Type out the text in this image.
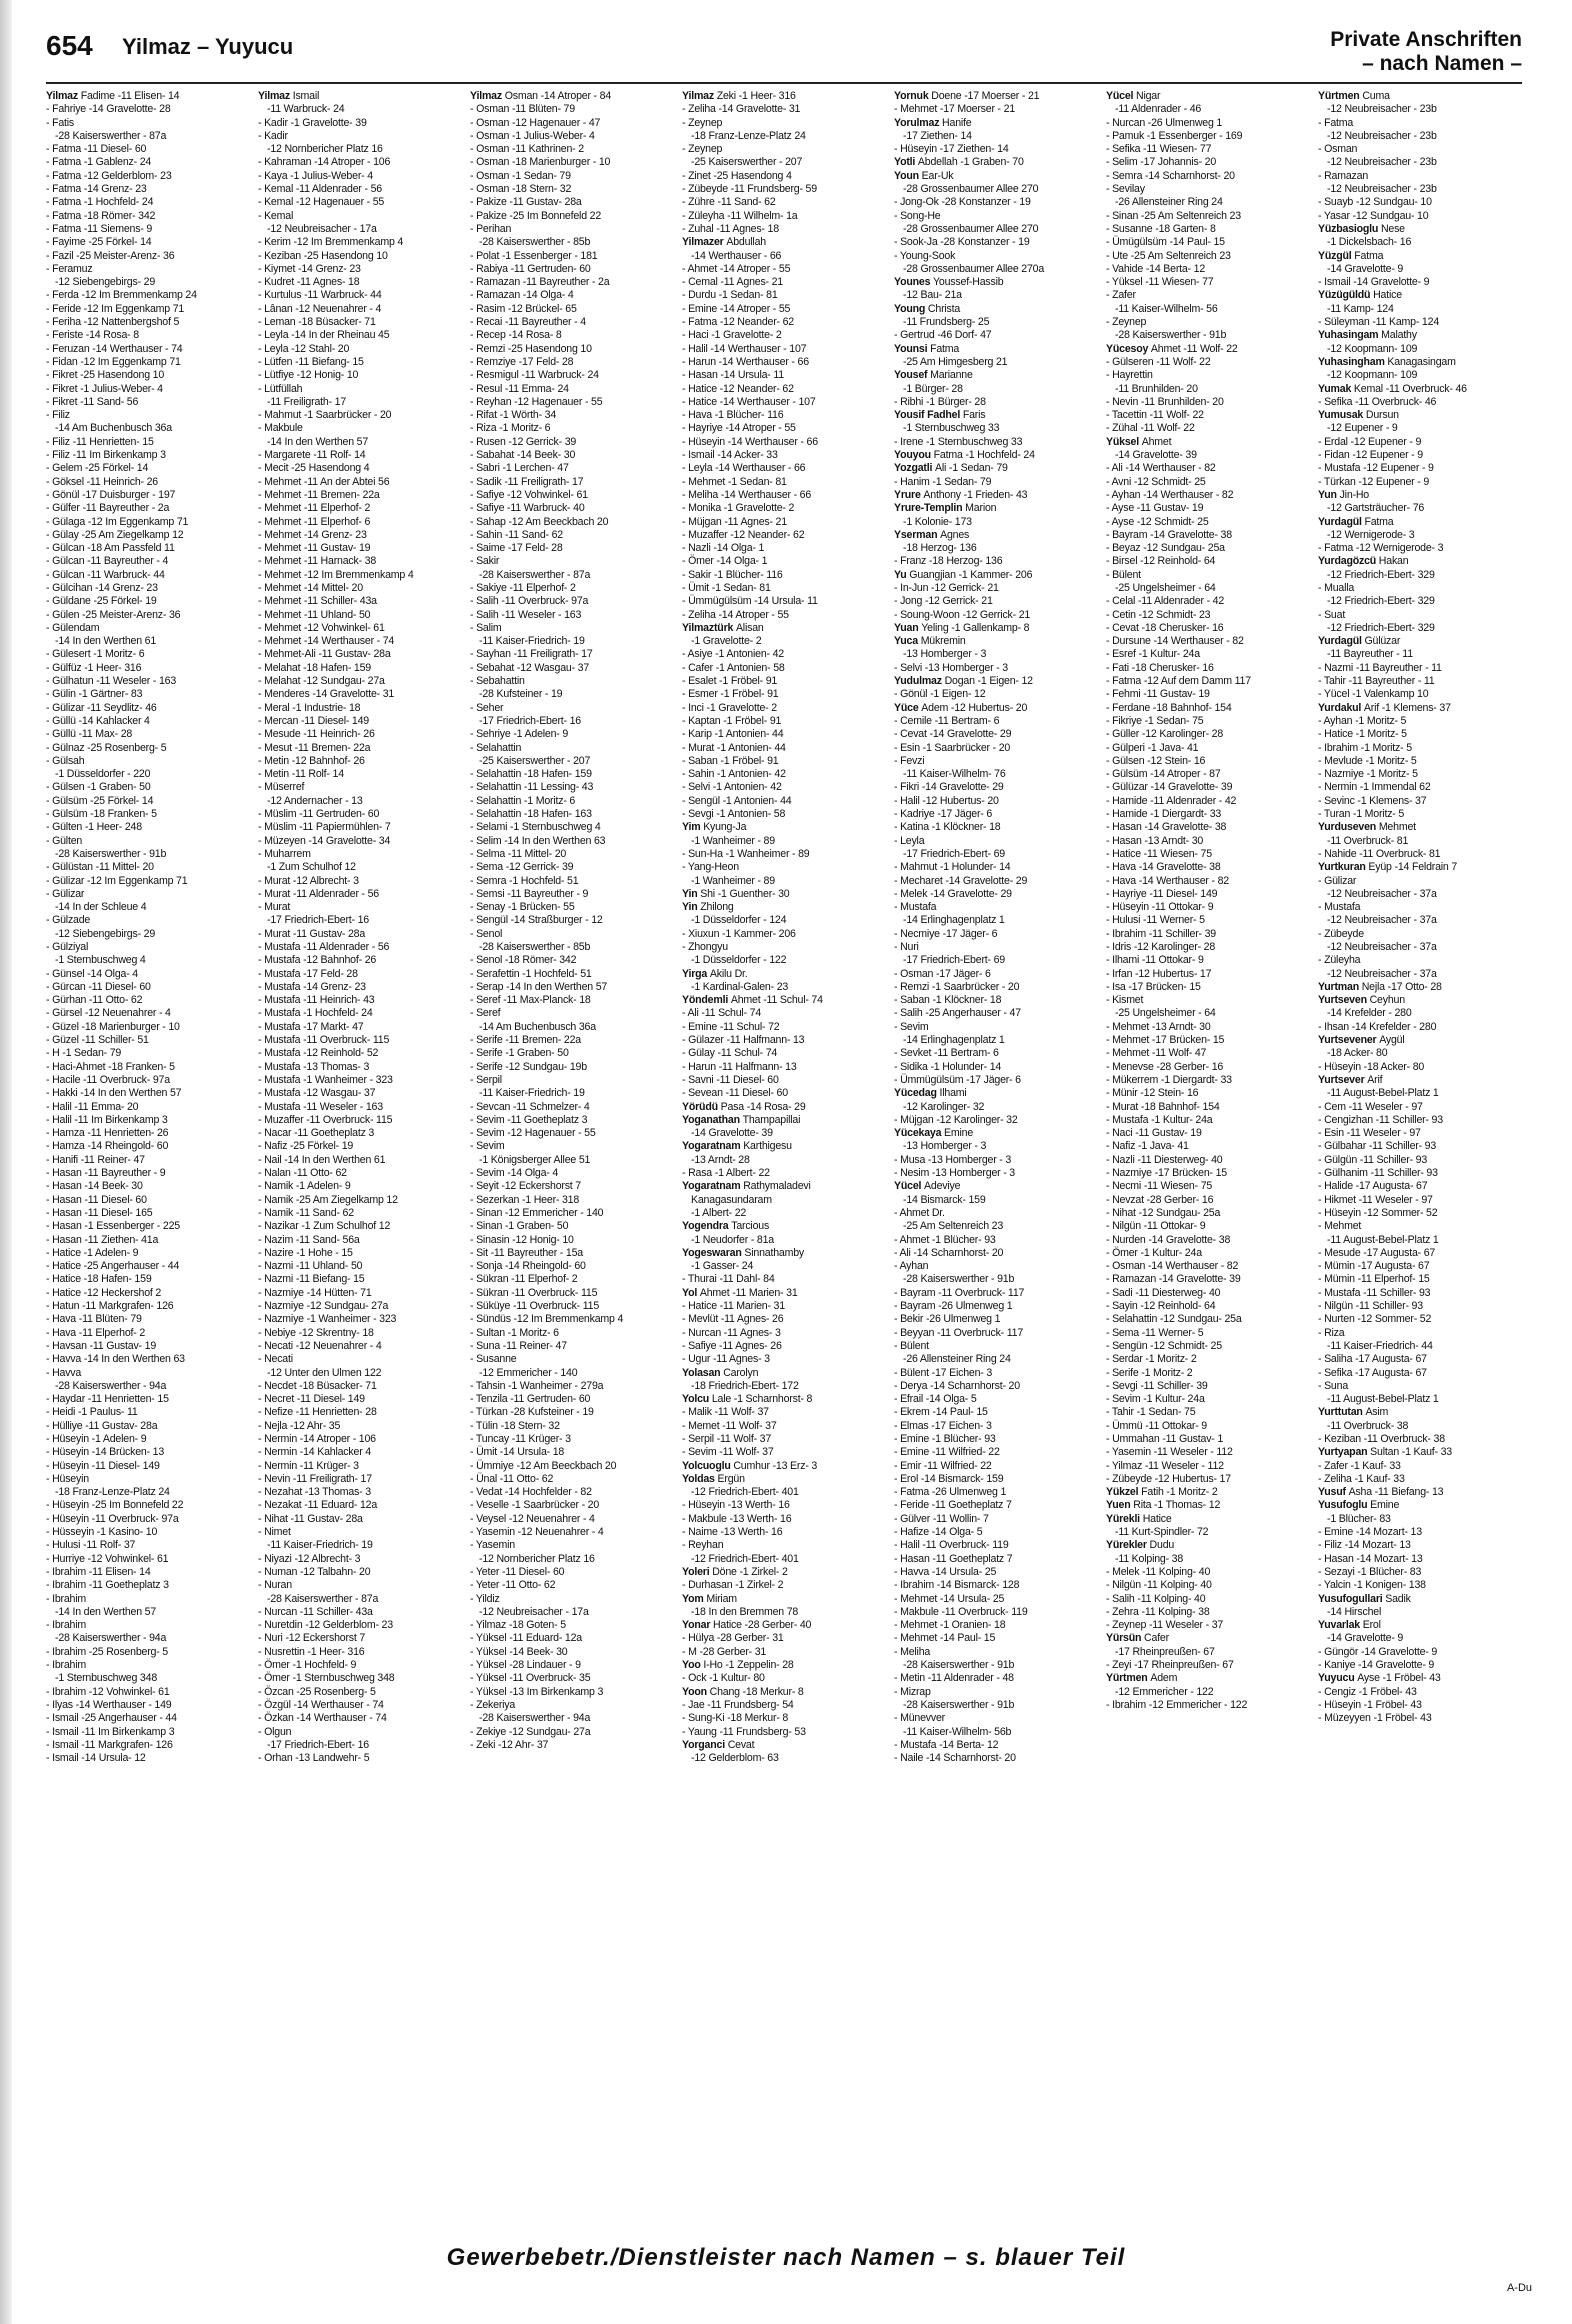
654 Yilmaz – Yuyucu	Private Anschriften
– nach Namen –
Yilmaz Fadime -11 Elisen- 14
- Fahriye -14 Gravelotte- 28
- Fatis
-28 Kaiserswerther - 87a
- Fatma -11 Diesel- 60
- Fatma -1 Gablenz- 24
- Fatma -12 Gelderblom- 23
- Fatma -14 Grenz- 23
- Fatma -1 Hochfeld- 24
- Fatma -18 Römer- 342
- Fatma -11 Siemens- 9
- Fayime -25 Förkel- 14
- Fazil -25 Meister-Arenz- 36
- Feramuz
-12 Siebengebirgs- 29
- Ferda -12 Im Bremmenkamp 24
- Feride -12 Im Eggenkamp 71
- Feriha -12 Nattenbergshof 5
- Feriste -14 Rosa- 8
- Feruzan -14 Werthauser - 74
- Fidan -12 Im Eggenkamp 71
- Fikret -25 Hasendong 10
- Fikret -1 Julius-Weber- 4
- Fikret -11 Sand- 56
- Filiz
-14 Am Buchenbusch 36a
- Filiz -11 Henrietten- 15
- Filiz -11 Im Birkenkamp 3
- Gelem -25 Förkel- 14
- Göksel -11 Heinrich- 26
- Gönül -17 Duisburger - 197
- Gülfer -11 Bayreuther - 2a
- Gülaga -12 Im Eggenkamp 71
- Gülay -25 Am Ziegelkamp 12
- Gülcan -18 Am Passfeld 11
- Gülcan -11 Bayreuther - 4
- Gülcan -11 Warbruck- 44
- Gülcihan -14 Grenz- 23
- Güldane -25 Förkel- 19
- Gülen -25 Meister-Arenz- 36
- Gülendam
-14 In den Werthen 61
- Gülesert -1 Moritz- 6
- Gülfüz -1 Heer- 316
- Gülhatun -11 Weseler - 163
- Gülin -1 Gärtner- 83
- Gülizar -11 Seydlitz- 46
- Güllü -14 Kahlacker 4
- Güllü -11 Max- 28
- Gülnaz -25 Rosenberg- 5
- Gülsah
-1 Düsseldorfer - 220
- Gülsen -1 Graben- 50
- Gülsüm -25 Förkel- 14
- Gülsüm -18 Franken- 5
- Gülten -1 Heer- 248
- Gülten
-28 Kaiserswerther - 91b
- Gülüstan -11 Mittel- 20
- Gülizar -12 Im Eggenkamp 71
- Gülizar
-14 In der Schleue 4
- Gülzade
-12 Siebengebirgs- 29
- Gülziyal
-1 Sternbuschweg 4
- Günsel -14 Olga- 4
- Gürcan -11 Diesel- 60
- Gürhan -11 Otto- 62
- Gürsel -12 Neuenahrer - 4
- Güzel -18 Marienburger - 10
- Güzel -11 Schiller- 51
- H -1 Sedan- 79
- Haci-Ahmet -18 Franken- 5
- Hacile -11 Overbruck- 97a
- Hakki -14 In den Werthen 57
- Halil -11 Emma- 20
- Halil -11 Im Birkenkamp 3
- Hamza -11 Henrietten- 26
- Hamza -14 Rheingold- 60
- Hanifi -11 Reiner- 47
- Hasan -11 Bayreuther - 9
- Hasan -14 Beek- 30
- Hasan -11 Diesel- 60
- Hasan -11 Diesel- 165
- Hasan -1 Essenberger - 225
- Hasan -11 Ziethen- 41a
- Hatice -1 Adelen- 9
- Hatice -25 Angerhauser - 44
- Hatice -18 Hafen- 159
- Hatice -12 Heckershof 2
- Hatun -11 Markgrafen- 126
- Hava -11 Blüten- 79
- Hava -11 Elperhof- 2
- Havsan -11 Gustav- 19
- Havva -14 In den Werthen 63
- Havva
-28 Kaiserswerther - 94a
- Haydar -11 Henrietten- 15
- Heidi -1 Paulus- 11
- Hülliye -11 Gustav- 28a
- Hüseyin -1 Adelen- 9
- Hüseyin -14 Brücken- 13
- Hüseyin -11 Diesel- 149
- Hüseyin
-18 Franz-Lenze-Platz 24
- Hüseyin -25 Im Bonnefeld 22
- Hüseyin -11 Overbruck- 97a
- Hüsseyin -1 Kasino- 10
- Hulusi -11 Rolf- 37
- Hurriye -12 Vohwinkel- 61
- Ibrahim -11 Elisen- 14
- Ibrahim -11 Goetheplatz 3
- Ibrahim
-14 In den Werthen 57
- Ibrahim
-28 Kaiserswerther - 94a
- Ibrahim -25 Rosenberg- 5
- Ibrahim
-1 Sternbuschweg 348
- Ibrahim -12 Vohwinkel- 61
- Ilyas -14 Werthauser - 149
- Ismail -25 Angerhauser - 44
- Ismail -11 Im Birkenkamp 3
- Ismail -11 Markgrafen- 126
- Ismail -14 Ursula- 12
Yilmaz Ismail
-11 Warbruck- 24
- Kadir -1 Gravelotte- 39
- Kadir
-12 Nornbericher Platz 16
- Kahraman -14 Atroper - 106
- Kaya -1 Julius-Weber- 4
- Kemal -11 Aldenrader - 56
- Kemal -12 Hagenauer - 55
- Kemal
-12 Neubreisacher - 17a
- Kerim -12 Im Bremmenkamp 4
- Keziban -25 Hasendong 10
- Kiymet -14 Grenz- 23
- Kudret -11 Agnes- 18
- Kurtulus -11 Warbruck- 44
- Lânan -12 Neuenahrer - 4
- Leman -18 Büsacker- 71
- Leyla -14 In der Rheinau 45
- Leyla -12 Stahl- 20
- Lütfen -11 Biefang- 15
- Lütfiye -12 Honig- 10
- Lütfüllah
-11 Freiligrath- 17
- Mahmut -1 Saarbrücker - 20
- Makbule
-14 In den Werthen 57
- Margarete -11 Rolf- 14
- Mecit -25 Hasendong 4
- Mehmet -11 An der Abtei 56
- Mehmet -11 Bremen- 22a
- Mehmet -11 Elperhof- 2
- Mehmet -11 Elperhof- 6
- Mehmet -14 Grenz- 23
- Mehmet -11 Gustav- 19
- Mehmet -11 Harnack- 38
- Mehmet -12 Im Bremmenkamp 4
- Mehmet -14 Mittel- 20
- Mehmet -11 Schiller- 43a
- Mehmet -11 Uhland- 50
- Mehmet -12 Vohwinkel- 61
- Mehmet -14 Werthauser - 74
- Mehmet-Ali -11 Gustav- 28a
- Melahat -18 Hafen- 159
- Melahat -12 Sundgau- 27a
- Menderes -14 Gravelotte- 31
- Meral -1 Industrie- 18
- Mercan -11 Diesel- 149
- Mesude -11 Heinrich- 26
- Mesut -11 Bremen- 22a
- Metin -12 Bahnhof- 26
- Metin -11 Rolf- 14
- Müserref
-12 Andernacher - 13
- Müslim -11 Gertruden- 60
- Müslim -11 Papiermühlen- 7
- Müzeyen -14 Gravelotte- 34
- Muharrem
-1 Zum Schulhof 12
- Murat -12 Albrecht- 3
- Murat -11 Aldenrader - 56
- Murat
-17 Friedrich-Ebert- 16
- Murat -11 Gustav- 28a
- Mustafa -11 Aldenrader - 56
- Mustafa -12 Bahnhof- 26
- Mustafa -17 Feld- 28
- Mustafa -14 Grenz- 23
- Mustafa -11 Heinrich- 43
- Mustafa -1 Hochfeld- 24
- Mustafa -17 Markt- 47
- Mustafa -11 Overbruck- 115
- Mustafa -12 Reinhold- 52
- Mustafa -13 Thomas- 3
- Mustafa -1 Wanheimer - 323
- Mustafa -12 Wasgau- 37
- Mustafa -11 Weseler - 163
- Muzaffer -11 Overbruck- 115
- Nacar -11 Goetheplatz 3
- Nafiz -25 Förkel- 19
- Nail -14 In den Werthen 61
- Nalan -11 Otto- 62
- Namik -1 Adelen- 9
- Namik -25 Am Ziegelkamp 12
- Namik -11 Sand- 62
- Nazikar -1 Zum Schulhof 12
- Nazim -11 Sand- 56a
- Nazire -1 Hohe - 15
- Nazmi -11 Uhland- 50
- Nazmi -11 Biefang- 15
- Nazmiye -14 Hütten- 71
- Nazmiye -12 Sundgau- 27a
- Nazmiye -1 Wanheimer - 323
- Nebiye -12 Skrentny- 18
- Necati -12 Neuenahrer - 4
- Necati
-12 Unter den Ulmen 122
- Necdet -18 Büsacker- 71
- Necret -11 Diesel- 149
- Nefize -11 Henrietten- 28
- Nejla -12 Ahr- 35
- Nermin -14 Atroper - 106
- Nermin -14 Kahlacker 4
- Nermin -11 Krüger- 3
- Nevin -11 Freiligrath- 17
- Nezahat -13 Thomas- 3
- Nezakat -11 Eduard- 12a
- Nihat -11 Gustav- 28a
- Nimet
-11 Kaiser-Friedrich- 19
- Niyazi -12 Albrecht- 3
- Numan -12 Talbahn- 20
- Nuran
-28 Kaiserswerther - 87a
- Nurcan -11 Schiller- 43a
- Nuretdin -12 Gelderblom- 23
- Nuri -12 Eckershorst 7
- Nusrettin -1 Heer- 316
- Ömer -1 Hochfeld- 9
- Ömer -1 Sternbuschweg 348
- Özcan -25 Rosenberg- 5
- Özgül -14 Werthauser - 74
- Özkan -14 Werthauser - 74
- Olgun
-17 Friedrich-Ebert- 16
- Orhan -13 Landwehr- 5
Yilmaz Osman -14 Atroper - 84
- Osman -11 Blüten- 79
- Osman -12 Hagenauer - 47
- Osman -1 Julius-Weber- 4
- Osman -11 Kathrinen- 2
- Osman -18 Marienburger - 10
- Osman -1 Sedan- 79
- Osman -18 Stern- 32
- Pakize -11 Gustav- 28a
- Pakize -25 Im Bonnefeld 22
- Perihan
-28 Kaiserswerther - 85b
- Polat -1 Essenberger - 181
- Rabiya -11 Gertruden- 60
- Ramazan -11 Bayreuther - 2a
- Ramazan -14 Olga- 4
- Rasim -12 Brückel- 65
- Recai -11 Bayreuther - 4
- Recep -14 Rosa- 8
- Remzi -25 Hasendong 10
- Remziye -17 Feld- 28
- Resmigul -11 Warbruck- 24
- Resul -11 Emma- 24
- Reyhan -12 Hagenauer - 55
- Rifat -1 Wörth- 34
- Riza -1 Moritz- 6
- Rusen -12 Gerrick- 39
- Sabahat -14 Beek- 30
- Sabri -1 Lerchen- 47
- Sadik -11 Freiligrath- 17
- Safiye -12 Vohwinkel- 61
- Safiye -11 Warbruck- 40
- Sahap -12 Am Beeckbach 20
- Sahin -11 Sand- 62
- Saime -17 Feld- 28
- Sakir
-28 Kaiserswerther - 87a
- Sakiye -11 Elperhof- 2
- Salih -11 Overbruck- 97a
- Salih -11 Weseler - 163
- Salim
-11 Kaiser-Friedrich- 19
- Sayhan -11 Freiligrath- 17
- Sebahat -12 Wasgau- 37
- Sebahattin
-28 Kufsteiner - 19
- Seher
-17 Friedrich-Ebert- 16
- Sehriye -1 Adelen- 9
- Selahattin
-25 Kaiserswerther - 207
- Selahattin -18 Hafen- 159
- Selahattin -11 Lessing- 43
- Selahattin -1 Moritz- 6
- Selahattin -18 Hafen- 163
- Selami -1 Sternbuschweg 4
- Selim -14 In den Werthen 63
- Selma -11 Mittel- 20
- Sema -12 Gerrick- 39
- Semra -1 Hochfeld- 51
- Semsi -11 Bayreuther - 9
- Senay -1 Brücken- 55
- Sengül -14 Straßburger - 12
- Senol
-28 Kaiserswerther - 85b
- Senol -18 Römer- 342
- Serafettin -1 Hochfeld- 51
- Serap -14 In den Werthen 57
- Seref -11 Max-Planck- 18
- Seref
-14 Am Buchenbusch 36a
- Serife -11 Bremen- 22a
- Serife -1 Graben- 50
- Serife -12 Sundgau- 19b
- Serpil
-11 Kaiser-Friedrich- 19
- Sevcan -11 Schmelzer- 4
- Sevim -11 Goetheplatz 3
- Sevim -12 Hagenauer - 55
- Sevim
-1 Königsberger Allee 51
- Sevim -14 Olga- 4
- Seyit -12 Eckershorst 7
- Sezerkan -1 Heer- 318
- Sinan -12 Emmericher - 140
- Sinan -1 Graben- 50
- Sinasin -12 Honig- 10
- Sit -11 Bayreuther - 15a
- Sonja -14 Rheingold- 60
- Sükran -11 Elperhof- 2
- Sükran -11 Overbruck- 115
- Süküye -11 Overbruck- 115
- Sündüs -12 Im Bremmenkamp 4
- Sultan -1 Moritz- 6
- Suna -11 Reiner- 47
- Susanne
-12 Emmericher - 140
- Tahsin -1 Wanheimer - 279a
- Tenzila -11 Gertruden- 60
- Türkan -28 Kufsteiner - 19
- Tülin -18 Stern- 32
- Tuncay -11 Krüger- 3
- Ümit -14 Ursula- 18
- Ümmiye -12 Am Beeckbach 20
- Ünal -11 Otto- 62
- Vedat -14 Hochfelder - 82
- Veselle -1 Saarbrücker - 20
- Veysel -12 Neuenahrer - 4
- Yasemin -12 Neuenahrer - 4
- Yasemin
-12 Nornbericher Platz 16
- Yeter -11 Diesel- 60
- Yeter -11 Otto- 62
- Yildiz
-12 Neubreisacher - 17a
- Yilmaz -18 Goten- 5
- Yüksel -11 Eduard- 12a
- Yüksel -14 Beek- 30
- Yüksel -28 Lindauer - 9
- Yüksel -11 Overbruck- 35
- Yüksel -13 Im Birkenkamp 3
- Zekeriya
-28 Kaiserswerther - 94a
- Zekiye -12 Sundgau- 27a
- Zeki -12 Ahr- 37
Yilmaz Zeki -1 Heer- 316
- Zeliha -14 Gravelotte- 31
- Zeynep
-18 Franz-Lenze-Platz 24
- Zeynep
-25 Kaiserswerther - 207
- Zinet -25 Hasendong 4
- Zübeyde -11 Frundsberg- 59
- Zühre -11 Sand- 62
- Züleyha -11 Wilhelm- 1a
- Zuhal -11 Agnes- 18
Yilmazer Abdullah
-14 Werthauser - 66
- Ahmet -14 Atroper - 55
- Cemal -11 Agnes- 21
- Durdu -1 Sedan- 81
- Emine -14 Atroper - 55
- Fatma -12 Neander- 62
- Haci -1 Gravelotte- 2
- Halil -14 Werthauser - 107
- Harun -14 Werthauser - 66
- Hasan -14 Ursula- 11
- Hatice -12 Neander- 62
- Hatice -14 Werthauser - 107
- Hava -1 Blücher- 116
- Hayriye -14 Atroper - 55
- Hüseyin -14 Werthauser - 66
- Ismail -14 Acker- 33
- Leyla -14 Werthauser - 66
- Mehmet -1 Sedan- 81
- Meliha -14 Werthauser - 66
- Monika -1 Gravelotte- 2
- Müjgan -11 Agnes- 21
- Muzaffer -12 Neander- 62
- Nazli -14 Olga- 1
- Ömer -14 Olga- 1
- Sakir -1 Blücher- 116
- Ümit -1 Sedan- 81
- Ümmügülsüm -14 Ursula- 11
- Zeliha -14 Atroper - 55
Yilmaztürk Alisan
-1 Gravelotte- 2
- Asiye -1 Antonien- 42
- Cafer -1 Antonien- 58
- Esalet -1 Fröbel- 91
- Esmer -1 Fröbel- 91
- Inci -1 Gravelotte- 2
- Kaptan -1 Fröbel- 91
- Karip -1 Antonien- 44
- Murat -1 Antonien- 44
- Saban -1 Fröbel- 91
- Sahin -1 Antonien- 42
- Selvi -1 Antonien- 42
- Sengül -1 Antonien- 44
- Sevgi -1 Antonien- 58
Yim Kyung-Ja
-1 Wanheimer - 89
- Sun-Ha -1 Wanheimer - 89
- Yang-Heon
-1 Wanheimer - 89
Yin Shi -1 Guenther- 30
Yin Zhilong
-1 Düsseldorfer - 124
- Xiuxun -1 Kammer- 206
- Zhongyu
-1 Düsseldorfer - 122
Yirga Akilu Dr.
-1 Kardinal-Galen- 23
Yöndemli Ahmet -11 Schul- 74
- Ali -11 Schul- 74
- Emine -11 Schul- 72
- Gülazer -11 Halfmann- 13
- Gülay -11 Schul- 74
- Harun -11 Halfmann- 13
- Savni -11 Diesel- 60
- Sevean -11 Diesel- 60
Yörüdü Pasa -14 Rosa- 29
Yoganathan Thampapillai
-14 Gravelotte- 39
Yogaratnam Karthigesu
-13 Arndt- 28
- Rasa -1 Albert- 22
Yogaratnam Rathymaladevi
Kanagasundaram
-1 Albert- 22
Yogendra Tarcious
-1 Neudorfer - 81a
Yogeswaran Sinnathamby
-1 Gasser- 24
- Thurai -11 Dahl- 84
Yol Ahmet -11 Marien- 31
- Hatice -11 Marien- 31
- Mevlüt -11 Agnes- 26
- Nurcan -11 Agnes- 3
- Safiye -11 Agnes- 26
- Ugur -11 Agnes- 3
Yolasan Carolyn
-18 Friedrich-Ebert- 172
Yolcu Lale -1 Scharnhorst- 8
- Malik -11 Wolf- 37
- Memet -11 Wolf- 37
- Serpil -11 Wolf- 37
- Sevim -11 Wolf- 37
Yolcuoglu Cumhur -13 Erz- 3
Yoldas Ergün
-12 Friedrich-Ebert- 401
- Hüseyin -13 Werth- 16
- Makbule -13 Werth- 16
- Naime -13 Werth- 16
- Reyhan
-12 Friedrich-Ebert- 401
Yoleri Döne -1 Zirkel- 2
- Durhasan -1 Zirkel- 2
Yom Miriam
-18 In den Bremmen 78
Yonar Hatice -28 Gerber- 40
- Hülya -28 Gerber- 31
- M -28 Gerber- 31
Yoo I-Ho -1 Zeppelin- 28
- Ock -1 Kultur- 80
Yoon Chang -18 Merkur- 8
- Jae -11 Frundsberg- 54
- Sung-Ki -18 Merkur- 8
- Yaung -11 Frundsberg- 53
Yorganci Cevat
-12 Gelderblom- 63
Yornuk Doene -17 Moerser - 21
- Mehmet -17 Moerser - 21
Yorulmaz Hanife
-17 Ziethen- 14
- Hüseyin -17 Ziethen- 14
Yotli Abdellah -1 Graben- 70
Youn Ear-Uk
-28 Grossenbaumer Allee 270
- Jong-Ok -28 Konstanzer - 19
- Song-He
-28 Grossenbaumer Allee 270
- Sook-Ja -28 Konstanzer - 19
- Young-Sook
-28 Grossenbaumer Allee 270a
Younes Youssef-Hassib
-12 Bau- 21a
Young Christa
-11 Frundsberg- 25
- Gertrud -46 Dorf- 47
Younsi Fatma
-25 Am Himgesberg 21
Yousef Marianne
-1 Bürger- 28
- Ribhi -1 Bürger- 28
Yousif Fadhel Faris
-1 Sternbuschweg 33
- Irene -1 Sternbuschweg 33
Youyou Fatma -1 Hochfeld- 24
Yozgatli Ali -1 Sedan- 79
- Hanim -1 Sedan- 79
Yrure Anthony -1 Frieden- 43
Yrure-Templin Marion
-1 Kolonie- 173
Yserman Agnes
-18 Herzog- 136
- Franz -18 Herzog- 136
Yu Guangjian -1 Kammer- 206
- In-Jun -12 Gerrick- 21
- Jong -12 Gerrick- 21
- Soung-Woon -12 Gerrick- 21
Yuan Yeling -1 Gallenkamp- 8
Yuca Mükremin
-13 Homberger - 3
- Selvi -13 Homberger - 3
Yudulmaz Dogan -1 Eigen- 12
- Gönül -1 Eigen- 12
Yüce Adem -12 Hubertus- 20
- Cemile -11 Bertram- 6
- Cevat -14 Gravelotte- 29
- Esin -1 Saarbrücker - 20
- Fevzi
-11 Kaiser-Wilhelm- 76
- Fikri -14 Gravelotte- 29
- Halil -12 Hubertus- 20
- Kadriye -17 Jäger- 6
- Katina -1 Klöckner- 18
- Leyla
-17 Friedrich-Ebert- 69
- Mahmut -1 Holunder- 14
- Mecharet -14 Gravelotte- 29
- Melek -14 Gravelotte- 29
- Mustafa
-14 Erlinghagenplatz 1
- Necmiye -17 Jäger- 6
- Nuri
-17 Friedrich-Ebert- 69
- Osman -17 Jäger- 6
- Remzi -1 Saarbrücker - 20
- Saban -1 Klöckner- 18
- Salih -25 Angerhauser - 47
- Sevim
-14 Erlinghagenplatz 1
- Sevket -11 Bertram- 6
- Sidika -1 Holunder- 14
- Ümmügülsüm -17 Jäger- 6
Yücedag Ilhami
-12 Karolinger- 32
- Müjgan -12 Karolinger- 32
Yücekaya Emine
-13 Homberger - 3
- Musa -13 Homberger - 3
- Nesim -13 Homberger - 3
Yücel Adeviye
-14 Bismarck- 159
- Ahmet Dr.
-25 Am Seltenreich 23
- Ahmet -1 Blücher- 93
- Ali -14 Scharnhorst- 20
- Ayhan
-28 Kaiserswerther - 91b
- Bayram -11 Overbruck- 117
- Bayram -26 Ulmenweg 1
- Bekir -26 Ulmenweg 1
- Beyyan -11 Overbruck- 117
- Bülent
-26 Allensteiner Ring 24
- Bülent -17 Eichen- 3
- Derya -14 Scharnhorst- 20
- Efrail -14 Olga- 5
- Ekrem -14 Paul- 15
- Elmas -17 Eichen- 3
- Emine -1 Blücher- 93
- Emine -11 Wilfried- 22
- Emir -11 Wilfried- 22
- Erol -14 Bismarck- 159
- Fatma -26 Ulmenweg 1
- Feride -11 Goetheplatz 7
- Gülver -11 Wollin- 7
- Hafize -14 Olga- 5
- Halil -11 Overbruck- 119
- Hasan -11 Goetheplatz 7
- Havva -14 Ursula- 25
- Ibrahim -14 Bismarck- 128
- Mehmet -14 Ursula- 25
- Makbule -11 Overbruck- 119
- Mehmet -1 Oranien- 18
- Mehmet -14 Paul- 15
- Meliha
-28 Kaiserswerther - 91b
- Metin -11 Aldenrader - 48
- Mizrap
-28 Kaiserswerther - 91b
- Münevver
-11 Kaiser-Wilhelm- 56b
- Mustafa -14 Berta- 12
- Naile -14 Scharnhorst- 20
Yücel Nigar
-11 Aldenrader - 46
- Nurcan -26 Ulmenweg 1
- Pamuk -1 Essenberger - 169
- Sefika -11 Wiesen- 77
- Selim -17 Johannis- 20
- Semra -14 Scharnhorst- 20
- Sevilay
-26 Allensteiner Ring 24
- Sinan -25 Am Seltenreich 23
- Susanne -18 Garten- 8
- Ümügülsüm -14 Paul- 15
- Ute -25 Am Seltenreich 23
- Vahide -14 Berta- 12
- Yüksel -11 Wiesen- 77
- Zafer
-11 Kaiser-Wilhelm- 56
- Zeynep
-28 Kaiserswerther - 91b
Yücesoy Ahmet -11 Wolf- 22
- Gülseren -11 Wolf- 22
- Hayrettin
-11 Brunhilden- 20
- Nevin -11 Brunhilden- 20
- Tacettin -11 Wolf- 22
- Zühal -11 Wolf- 22
Yüksel Ahmet
-14 Gravelotte- 39
- Ali -14 Werthauser - 82
- Avni -12 Schmidt- 25
- Ayhan -14 Werthauser - 82
- Ayse -11 Gustav- 19
- Ayse -12 Schmidt- 25
- Bayram -14 Gravelotte- 38
- Beyaz -12 Sundgau- 25a
- Birsel -12 Reinhold- 64
- Bülent
-25 Ungelsheimer - 64
- Celal -11 Aldenrader - 42
- Cetin -12 Schmidt- 23
- Cevat -18 Cherusker- 16
- Dursune -14 Werthauser - 82
- Esref -1 Kultur- 24a
- Fati -18 Cherusker- 16
- Fatma -12 Auf dem Damm 117
- Fehmi -11 Gustav- 19
- Ferdane -18 Bahnhof- 154
- Fikriye -1 Sedan- 75
- Güller -12 Karolinger- 28
- Gülperi -1 Java- 41
- Gülsen -12 Stein- 16
- Gülsüm -14 Atroper - 87
- Gülüzar -14 Gravelotte- 39
- Hamide -11 Aldenrader - 42
- Hamide -1 Diergardt- 33
- Hasan -14 Gravelotte- 38
- Hasan -13 Arndt- 30
- Hatice -11 Wiesen- 75
- Hava -14 Gravelotte- 38
- Hava -14 Werthauser - 82
- Hayriye -11 Diesel- 149
- Hüseyin -11 Ottokar- 9
- Hulusi -11 Werner- 5
- Ibrahim -11 Schiller- 39
- Idris -12 Karolinger- 28
- Ilhami -11 Ottokar- 9
- Irfan -12 Hubertus- 17
- Isa -17 Brücken- 15
- Kismet
-25 Ungelsheimer - 64
- Mehmet -13 Arndt- 30
- Mehmet -17 Brücken- 15
- Mehmet -11 Wolf- 47
- Menevse -28 Gerber- 16
- Mükerrem -1 Diergardt- 33
- Münir -12 Stein- 16
- Murat -18 Bahnhof- 154
- Mustafa -1 Kultur- 24a
- Naci -11 Gustav- 19
- Nafiz -1 Java- 41
- Nazli -11 Diesterweg- 40
- Nazmiye -17 Brücken- 15
- Necmi -11 Wiesen- 75
- Nevzat -28 Gerber- 16
- Nihat -12 Sundgau- 25a
- Nilgün -11 Ottokar- 9
- Nurden -14 Gravelotte- 38
- Ömer -1 Kultur- 24a
- Osman -14 Werthauser - 82
- Ramazan -14 Gravelotte- 39
- Sadi -11 Diesterweg- 40
- Sayin -12 Reinhold- 64
- Selahattin -12 Sundgau- 25a
- Sema -11 Werner- 5
- Sengün -12 Schmidt- 25
- Serdar -1 Moritz- 2
- Serife -1 Moritz- 2
- Sevgi -11 Schiller- 39
- Sevim -1 Kultur- 24a
- Tahir -1 Sedan- 75
- Ümmü -11 Ottokar- 9
- Ummahan -11 Gustav- 1
- Yasemin -11 Weseler - 112
- Yilmaz -11 Weseler - 112
- Zübeyde -12 Hubertus- 17
Yükzel Fatih -1 Moritz- 2
Yuen Rita -1 Thomas- 12
Yürekli Hatice
-11 Kurt-Spindler- 72
Yürekler Dudu
-11 Kolping- 38
- Melek -11 Kolping- 40
- Nilgün -11 Kolping- 40
- Salih -11 Kolping- 40
- Zehra -11 Kolping- 38
- Zeynep -11 Weseler - 37
Yürsün Cafer
-17 Rheinpreußen- 67
- Zeyi -17 Rheinpreußen- 67
Yürtmen Adem
-12 Emmericher - 122
- Ibrahim -12 Emmericher - 122
Yürtmen Cuma
-12 Neubreisacher - 23b
- Fatma
-12 Neubreisacher - 23b
- Osman
-12 Neubreisacher - 23b
- Ramazan
-12 Neubreisacher - 23b
- Suayb -12 Sundgau- 10
- Yasar -12 Sundgau- 10
Yüzbasioglu Nese
-1 Dickelsbach- 16
Yüzgül Fatma
-14 Gravelotte- 9
- Ismail -14 Gravelotte- 9
Yüzügüldü Hatice
-11 Kamp- 124
- Süleyman -11 Kamp- 124
Yuhasingam Malathy
-12 Koopmann- 109
Yuhasingham Kanagasingam
-12 Koopmann- 109
Yumak Kemal -11 Overbruck- 46
- Sefika -11 Overbruck- 46
Yumusak Dursun
-12 Eupener - 9
- Erdal -12 Eupener - 9
- Fidan -12 Eupener - 9
- Mustafa -12 Eupener - 9
- Türkan -12 Eupener - 9
Yun Jin-Ho
-12 Gartsträucher- 76
Yurdagül Fatma
-12 Wernigerode- 3
- Fatma -12 Wernigerode- 3
Yurdagözcü Hakan
-12 Friedrich-Ebert- 329
- Mualla
-12 Friedrich-Ebert- 329
- Suat
-12 Friedrich-Ebert- 329
Yurdagül Gülüzar
-11 Bayreuther - 11
- Nazmi -11 Bayreuther - 11
- Tahir -11 Bayreuther - 11
- Yücel -1 Valenkamp 10
Yurdakul Arif -1 Klemens- 37
- Ayhan -1 Moritz- 5
- Hatice -1 Moritz- 5
- Ibrahim -1 Moritz- 5
- Mevlude -1 Moritz- 5
- Nazmiye -1 Moritz- 5
- Nermin -1 Immendal 62
- Sevinc -1 Klemens- 37
- Turan -1 Moritz- 5
Yurduseven Mehmet
-11 Overbruck- 81
- Nahide -11 Overbruck- 81
Yurtkuran Eyüp -14 Feldrain 7
- Gülizar
-12 Neubreisacher - 37a
- Mustafa
-12 Neubreisacher - 37a
- Zübeyde
-12 Neubreisacher - 37a
- Züleyha
-12 Neubreisacher - 37a
Yurtman Nejla -17 Otto- 28
Yurtseven Ceyhun
-14 Krefelder - 280
- Ihsan -14 Krefelder - 280
Yurtsevener Aygül
-18 Acker- 80
- Hüseyin -18 Acker- 80
Yurtsever Arif
-11 August-Bebel-Platz 1
- Cem -11 Weseler - 97
- Cengizhan -11 Schiller- 93
- Esin -11 Weseler - 97
- Gülbahar -11 Schiller- 93
- Gülgün -11 Schiller- 93
- Gülhanim -11 Schiller- 93
- Halide -17 Augusta- 67
- Hikmet -11 Weseler - 97
- Hüseyin -12 Sommer- 52
- Mehmet
-11 August-Bebel-Platz 1
- Mesude -17 Augusta- 67
- Mümin -17 Augusta- 67
- Mümin -11 Elperhof- 15
- Mustafa -11 Schiller- 93
- Nilgün -11 Schiller- 93
- Nurten -12 Sommer- 52
- Riza
-11 Kaiser-Friedrich- 44
- Saliha -17 Augusta- 67
- Sefika -17 Augusta- 67
- Suna
-11 August-Bebel-Platz 1
Yurttutan Asim
-11 Overbruck- 38
- Keziban -11 Overbruck- 38
Yurtyapan Sultan -1 Kauf- 33
- Zafer -1 Kauf- 33
- Zeliha -1 Kauf- 33
Yusuf Asha -11 Biefang- 13
Yusufoglu Emine
-1 Blücher- 83
- Emine -14 Mozart- 13
- Filiz -14 Mozart- 13
- Hasan -14 Mozart- 13
- Sezayi -1 Blücher- 83
- Yalcin -1 Konigen- 138
Yusufogullari Sadik
-14 Hirschel
Yuvarlak Erol
-14 Gravelotte- 9
- Güngör -14 Gravelotte- 9
- Kaniye -14 Gravelotte- 9
Yuyucu Ayse -1 Fröbel- 43
- Cengiz -1 Fröbel- 43
- Hüseyin -1 Fröbel- 43
- Müzeyyen -1 Fröbel- 43
Gewerbebetr./Dienstleister nach Namen – s. blauer Teil
A-Du
